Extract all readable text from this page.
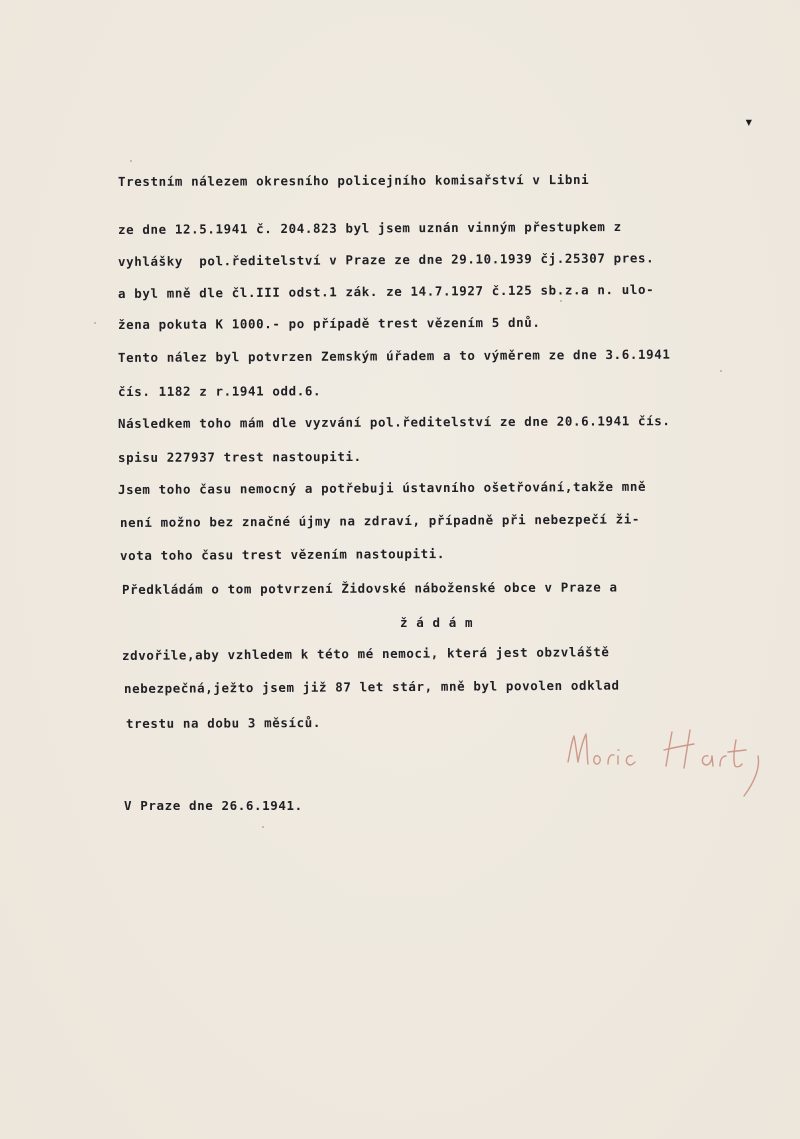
▾
Trestním nálezem okresního policejního komisařství v Libni
ze dne 12.5.1941 č. 204.823 byl jsem uznán vinným přestupkem z
vyhlášky  pol.ředitelství v Praze ze dne 29.10.1939 čj.25307 pres.
a byl mně dle čl.III odst.1 zák. ze 14.7.1927 č.125 sb.z.a n. ulo-
žena pokuta K 1000.- po případě trest vězením 5 dnů.
Tento nález byl potvrzen Zemským úřadem a to výměrem ze dne 3.6.1941
čís. 1182 z r.1941 odd.6.
Následkem toho mám dle vyzvání pol.ředitelství ze dne 20.6.1941 čís.
spisu 227937 trest nastoupiti.
Jsem toho času nemocný a potřebuji ústavního ošetřování,takže mně
není možno bez značné újmy na zdraví, případně při nebezpečí ži-
vota toho času trest vězením nastoupiti.
Předkládám o tom potvrzení Židovské náboženské obce v Praze a
ž á d á m
zdvořile,aby vzhledem k této mé nemoci, která jest obzvláště
nebezpečná,ježto jsem již 87 let stár, mně byl povolen odklad
trestu na dobu 3 měsíců.
V Praze dne 26.6.1941.
